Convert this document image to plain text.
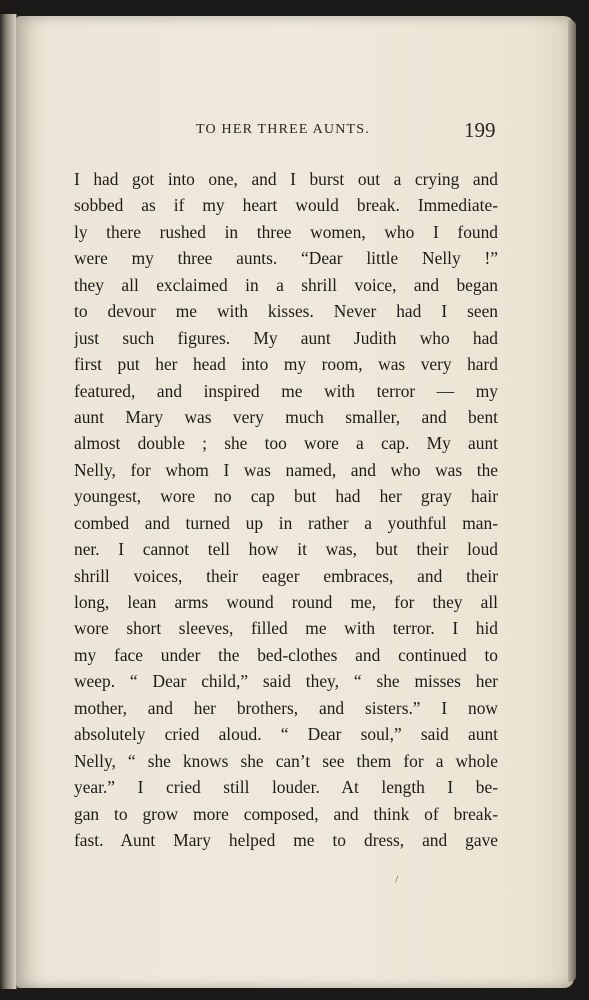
TO HER THREE AUNTS.	199
I had got into one, and I burst out a crying and
sobbed as if my heart would break. Immediate-
ly there rushed in three women, who I found
were my three aunts. “Dear little Nelly !”
they all exclaimed in a shrill voice, and began
to devour me with kisses. Never had I seen
just such figures. My aunt Judith who had
first put her head into my room, was very hard
featured, and inspired me with terror — my
aunt Mary was very much smaller, and bent
almost double ; she too wore a cap. My aunt
Nelly, for whom I was named, and who was the
youngest, wore no cap but had her gray hair
combed and turned up in rather a youthful man-
ner. I cannot tell how it was, but their loud
shrill voices, their eager embraces, and their
long, lean arms wound round me, for they all
wore short sleeves, filled me with terror. I hid
my face under the bed-clothes and continued to
weep. “ Dear child,” said they, “ she misses her
mother, and her brothers, and sisters.” I now
absolutely cried aloud. “ Dear soul,” said aunt
Nelly, “ she knows she can’t see them for a whole
year.” I cried still louder. At length I be-
gan to grow more composed, and think of break-
fast. Aunt Mary helped me to dress, and gave
/
